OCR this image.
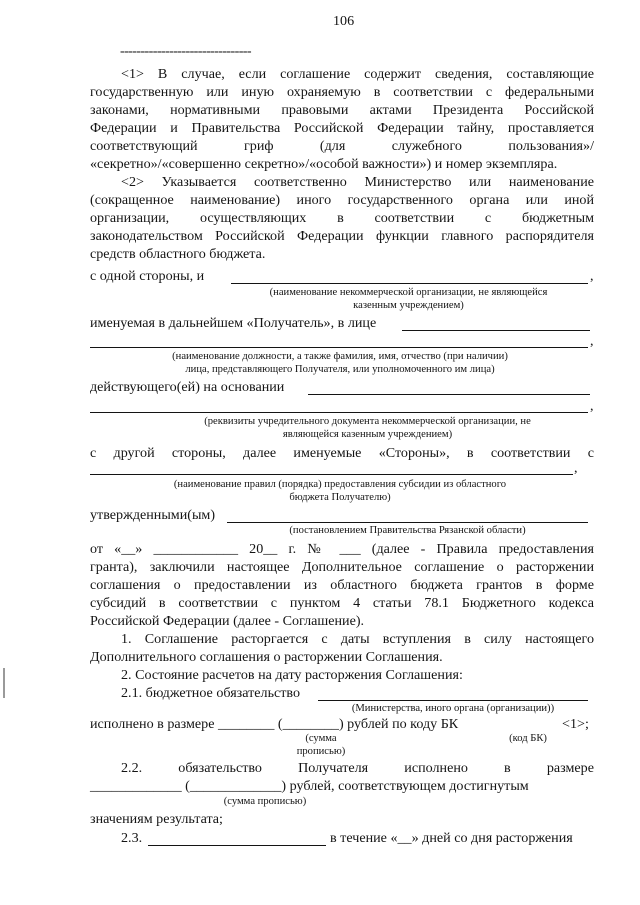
106
--------------------------------
<1> В случае, если соглашение содержит сведения, составляющие
государственную или иную охраняемую в соответствии с федеральными
законами, нормативными правовыми актами Президента Российской
Федерации и Правительства Российской Федерации тайну, проставляется
соответствующий гриф (для служебного пользования»/
«секретно»/«совершенно секретно»/«особой важности») и номер экземпляра.
<2> Указывается соответственно Министерство или наименование
(сокращенное наименование) иного государственного органа или иной
организации, осуществляющих в соответствии с бюджетным
законодательством Российской Федерации функции главного распорядителя
средств областного бюджета.
с одной стороны, и	,
(наименование некоммерческой организации, не являющейся
казенным учреждением)
именуемая в дальнейшем «Получатель», в лице
,
(наименование должности, а также фамилия, имя, отчество (при наличии)
лица, представляющего Получателя, или уполномоченного им лица)
действующего(ей) на основании
,
(реквизиты учредительного документа некоммерческой организации, не
являющейся казенным учреждением)
с другой стороны, далее именуемые «Стороны», в соответствии с
,
(наименование правил (порядка) предоставления субсидии из областного
бюджета Получателю)
утвержденными(ым)
(постановлением Правительства Рязанской области)
от «__» ____________ 20__ г. № ___ (далее - Правила предоставления
гранта), заключили настоящее Дополнительное соглашение о расторжении
соглашения о предоставлении из областного бюджета грантов в форме
субсидий в соответствии с пунктом 4 статьи 78.1 Бюджетного кодекса
Российской Федерации (далее - Соглашение).
1. Соглашение расторгается с даты вступления в силу настоящего
Дополнительного соглашения о расторжении Соглашения.
2. Состояние расчетов на дату расторжения Соглашения:
2.1. бюджетное обязательство
(Министерства, иного органа (организации))
исполнено в размере ________ (________) рублей по коду БК	<1>;
(сумма	(код БК)
прописью)
2.2. обязательство Получателя исполнено в размере
_____________ (_____________) рублей, соответствующем достигнутым
(сумма прописью)
значениям результата;
2.3.	в течение «__» дней со дня расторжения
